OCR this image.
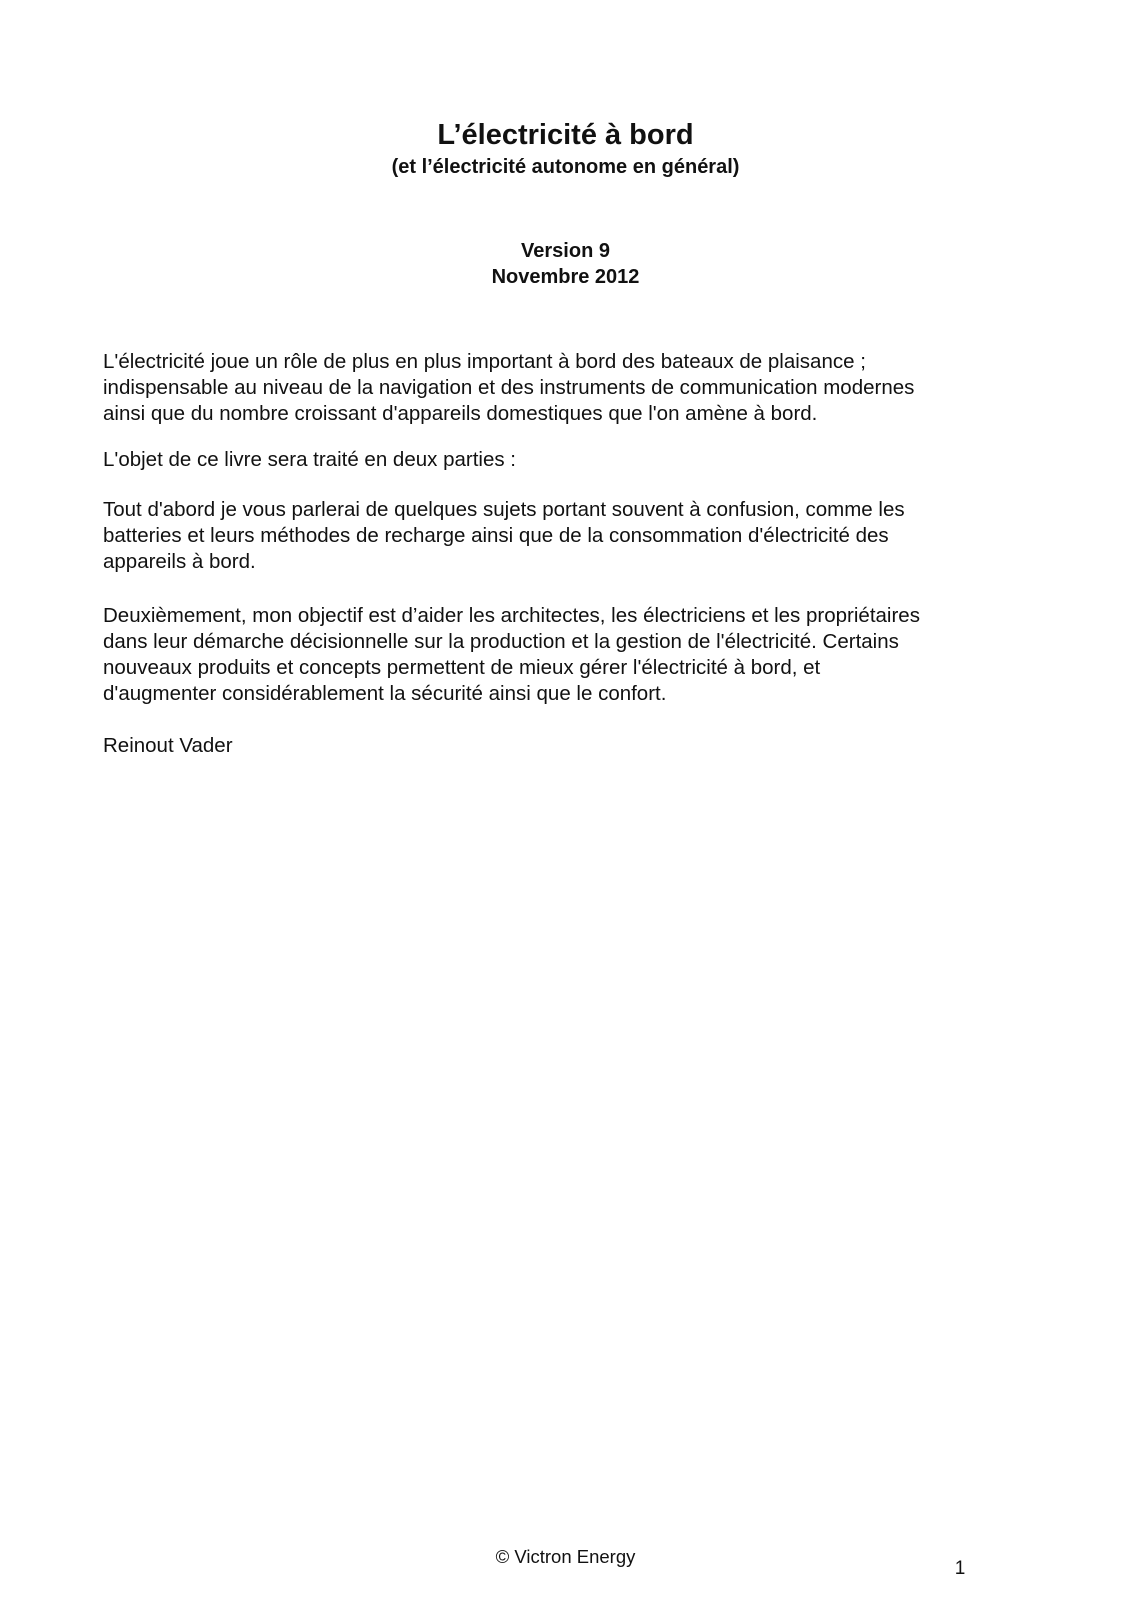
L’électricité à bord
(et l’électricité autonome en général)
Version 9
Novembre 2012
L'électricité joue un rôle de plus en plus important à bord des bateaux de plaisance ;
indispensable au niveau de la navigation et des instruments de communication modernes
ainsi que du nombre croissant d'appareils domestiques que l'on amène à bord.
L'objet de ce livre sera traité en deux parties :
Tout d'abord je vous parlerai de quelques sujets portant souvent à confusion, comme les
batteries et leurs méthodes de recharge ainsi que de la consommation d'électricité des
appareils à bord.
Deuxièmement, mon objectif est d’aider les architectes, les électriciens et les propriétaires
dans leur démarche décisionnelle sur la production et la gestion de l'électricité. Certains
nouveaux produits et concepts permettent de mieux gérer l'électricité à bord, et
d'augmenter considérablement la sécurité ainsi que le confort.
Reinout Vader
© Victron Energy
1
